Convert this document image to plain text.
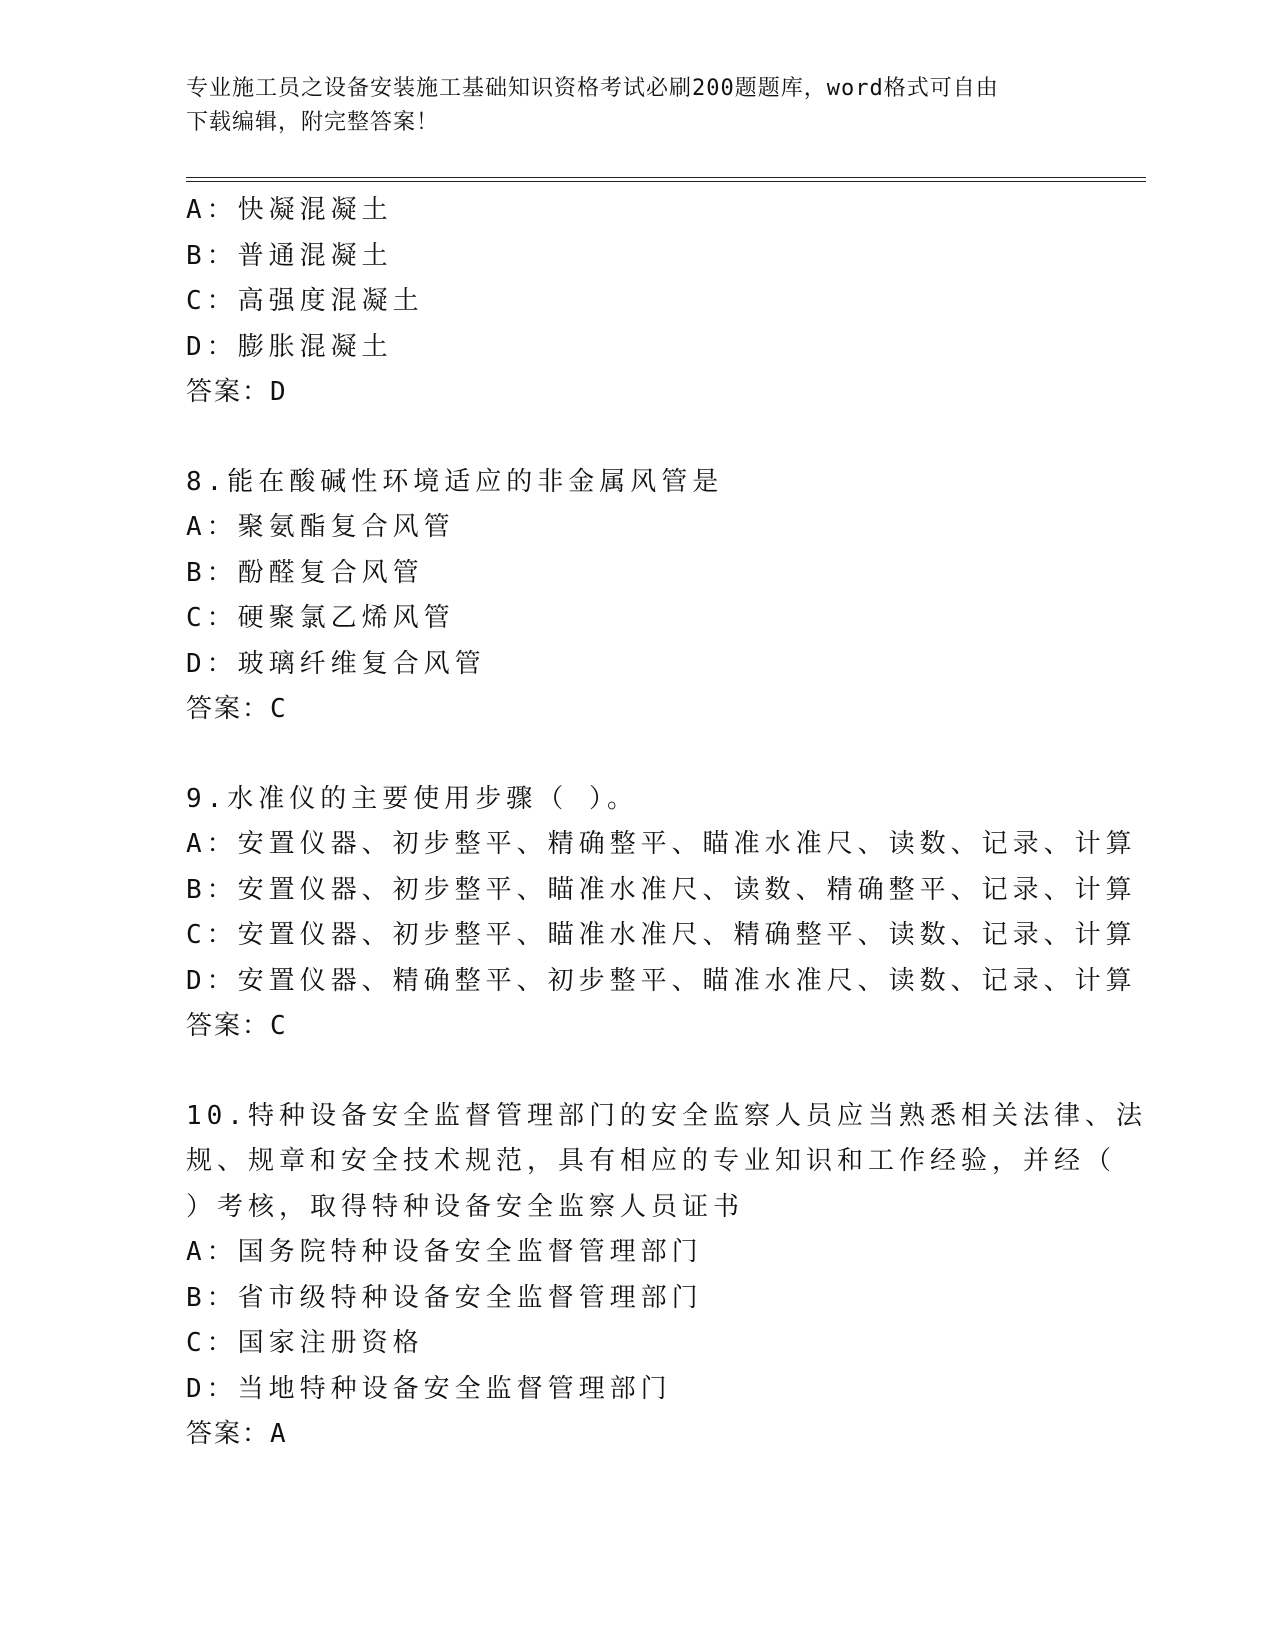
专业施工员之设备安装施工基础知识资格考试必刷200题题库，word格式可自由
下载编辑，附完整答案！
A：快凝混凝土
B：普通混凝土
C：高强度混凝土
D：膨胀混凝土
答案：D
8.能在酸碱性环境适应的非金属风管是
A：聚氨酯复合风管
B：酚醛复合风管
C：硬聚氯乙烯风管
D：玻璃纤维复合风管
答案：C
9.水准仪的主要使用步骤（ ）。
A：安置仪器、初步整平、精确整平、瞄准水准尺、读数、记录、计算
B：安置仪器、初步整平、瞄准水准尺、读数、精确整平、记录、计算
C：安置仪器、初步整平、瞄准水准尺、精确整平、读数、记录、计算
D：安置仪器、精确整平、初步整平、瞄准水准尺、读数、记录、计算
答案：C
10.特种设备安全监督管理部门的安全监察人员应当熟悉相关法律、法
规、规章和安全技术规范，具有相应的专业知识和工作经验，并经（
）考核，取得特种设备安全监察人员证书
A：国务院特种设备安全监督管理部门
B：省市级特种设备安全监督管理部门
C：国家注册资格
D：当地特种设备安全监督管理部门
答案：A
